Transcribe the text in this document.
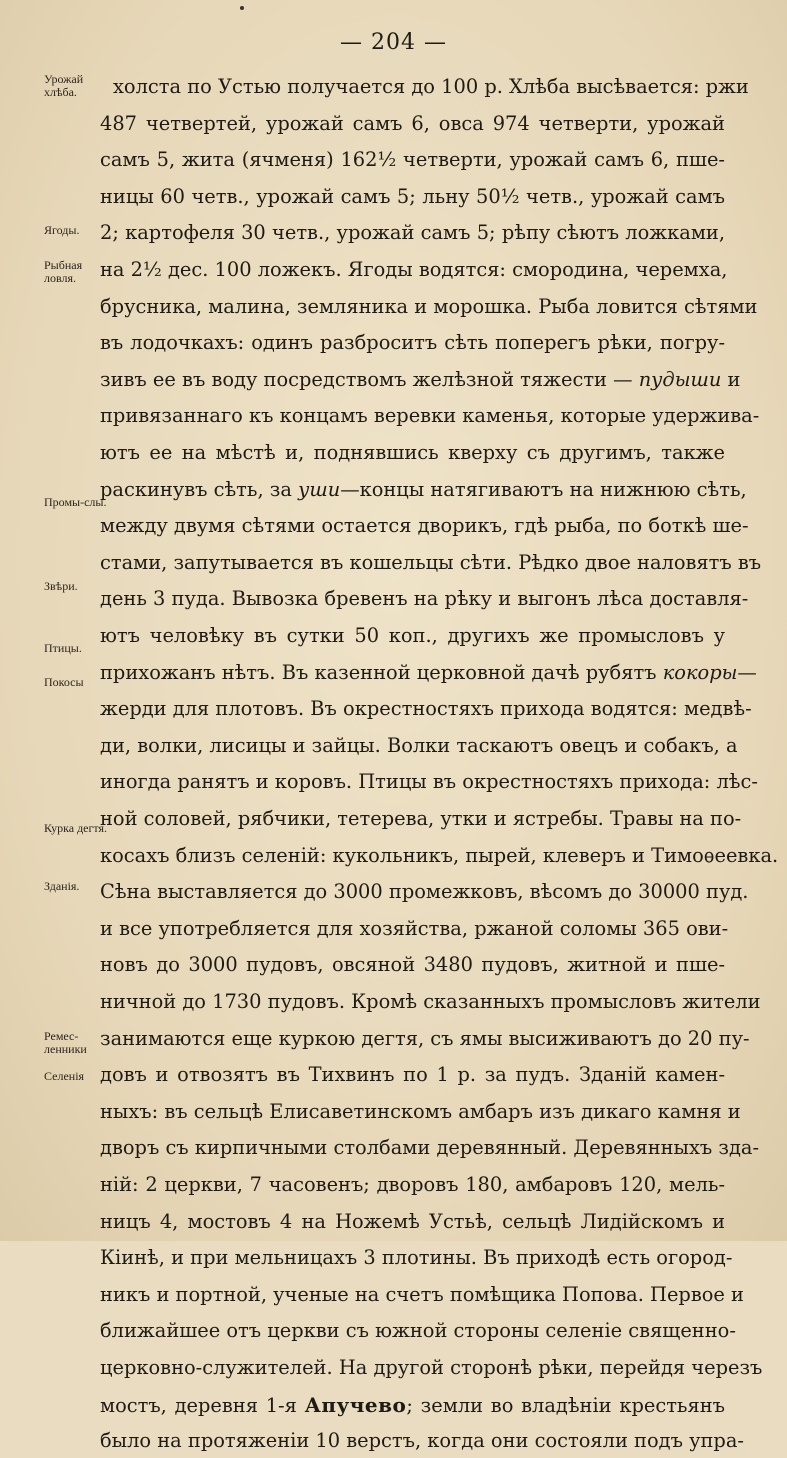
— 204 —
холста по Устью получается до 100 р. Хлѣба высѣвается: ржи
487 четвертей, урожай самъ 6, овса 974 четверти, урожай
самъ 5, жита (ячменя) 162½ четверти, урожай самъ 6, пше-
ницы 60 четв., урожай самъ 5; льну 50½ четв., урожай самъ
2; картофеля 30 четв., урожай самъ 5; рѣпу сѣютъ ложками,
на 2½ дес. 100 ложекъ. Ягоды водятся: смородина, черемха,
брусника, малина, земляника и морошка. Рыба ловится сѣтями
въ лодочкахъ: одинъ разброситъ сѣть поперегъ рѣки, погру-
зивъ ее въ воду посредствомъ желѣзной тяжести — пудыши и
привязаннаго къ концамъ веревки каменья, которые удержива-
ютъ ее на мѣстѣ и, поднявшись кверху съ другимъ, также
раскинувъ сѣть, за уши—концы натягиваютъ на нижнюю сѣть,
между двумя сѣтями остается дворикъ, гдѣ рыба, по боткѣ ше-
стами, запутывается въ кошельцы сѣти. Рѣдко двое наловятъ въ
день 3 пуда. Вывозка бревенъ на рѣку и выгонъ лѣса доставля-
ютъ человѣку въ сутки 50 коп., другихъ же промысловъ у
прихожанъ нѣтъ. Въ казенной церковной дачѣ рубятъ кокоры—
жерди для плотовъ. Въ окрестностяхъ прихода водятся: медвѣ-
ди, волки, лисицы и зайцы. Волки таскаютъ овецъ и собакъ, а
иногда ранятъ и коровъ. Птицы въ окрестностяхъ прихода: лѣс-
ной соловей, рябчики, тетерева, утки и ястребы. Травы на по-
косахъ близъ селеній: кукольникъ, пырей, клеверъ и Тимоѳеевка.
Сѣна выставляется до 3000 промежковъ, вѣсомъ до 30000 пуд.
и все употребляется для хозяйства, ржаной соломы 365 ови-
новъ до 3000 пудовъ, овсяной 3480 пудовъ, житной и пше-
ничной до 1730 пудовъ. Кромѣ сказанныхъ промысловъ жители
занимаются еще куркою дегтя, съ ямы высиживаютъ до 20 пу-
довъ и отвозятъ въ Тихвинъ по 1 р. за пудъ. Зданій камен-
ныхъ: въ сельцѣ Елисаветинскомъ амбаръ изъ дикаго камня и
дворъ съ кирпичными столбами деревянный. Деревянныхъ зда-
ній: 2 церкви, 7 часовенъ; дворовъ 180, амбаровъ 120, мель-
ницъ 4, мостовъ 4 на Ножемѣ Устьѣ, сельцѣ Лидійскомъ и
Кіинѣ, и при мельницахъ 3 плотины. Въ приходѣ есть огород-
никъ и портной, ученые на счетъ помѣщика Попова. Первое и
ближайшее отъ церкви съ южной стороны селеніе священно-
церковно-служителей. На другой сторонѣ рѣки, перейдя черезъ
мостъ, деревня 1-я Апучево; земли во владѣніи крестьянъ
было на протяженіи 10 верстъ, когда они состояли подъ упра-
Урожай хлѣба.
Ягоды.
Рыбная ловля.
Промы-слы.
Звѣри.
Птицы.
Покосы
Курка дегтя.
Зданія.
Ремес-ленники
Селенія
